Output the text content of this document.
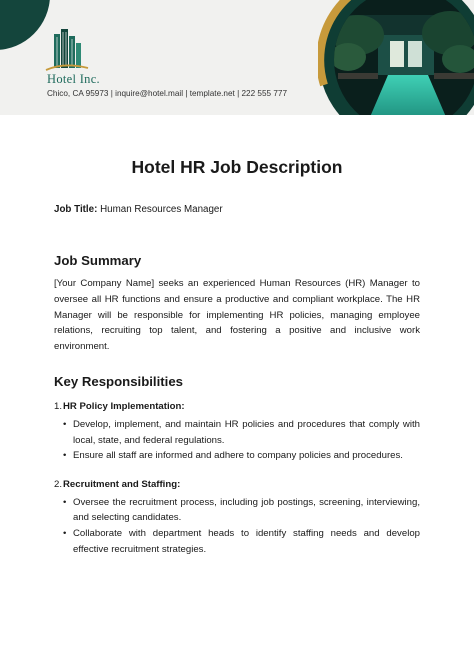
Hotel Inc.
Chico, CA 95973 | inquire@hotel.mail | template.net | 222 555 777
Hotel HR Job Description
Job Title: Human Resources Manager
Job Summary

[Your Company Name] seeks an experienced Human Resources (HR) Manager to oversee all HR functions and ensure a productive and compliant workplace. The HR Manager will be responsible for implementing HR policies, managing employee relations, recruiting top talent, and fostering a positive and inclusive work environment.

Key Responsibilities
1. HR Policy Implementation:
• Develop, implement, and maintain HR policies and procedures that comply with local, state, and federal regulations.
• Ensure all staff are informed and adhere to company policies and procedures.
2. Recruitment and Staffing:
• Oversee the recruitment process, including job postings, screening, interviewing, and selecting candidates.
• Collaborate with department heads to identify staffing needs and develop effective recruitment strategies.
